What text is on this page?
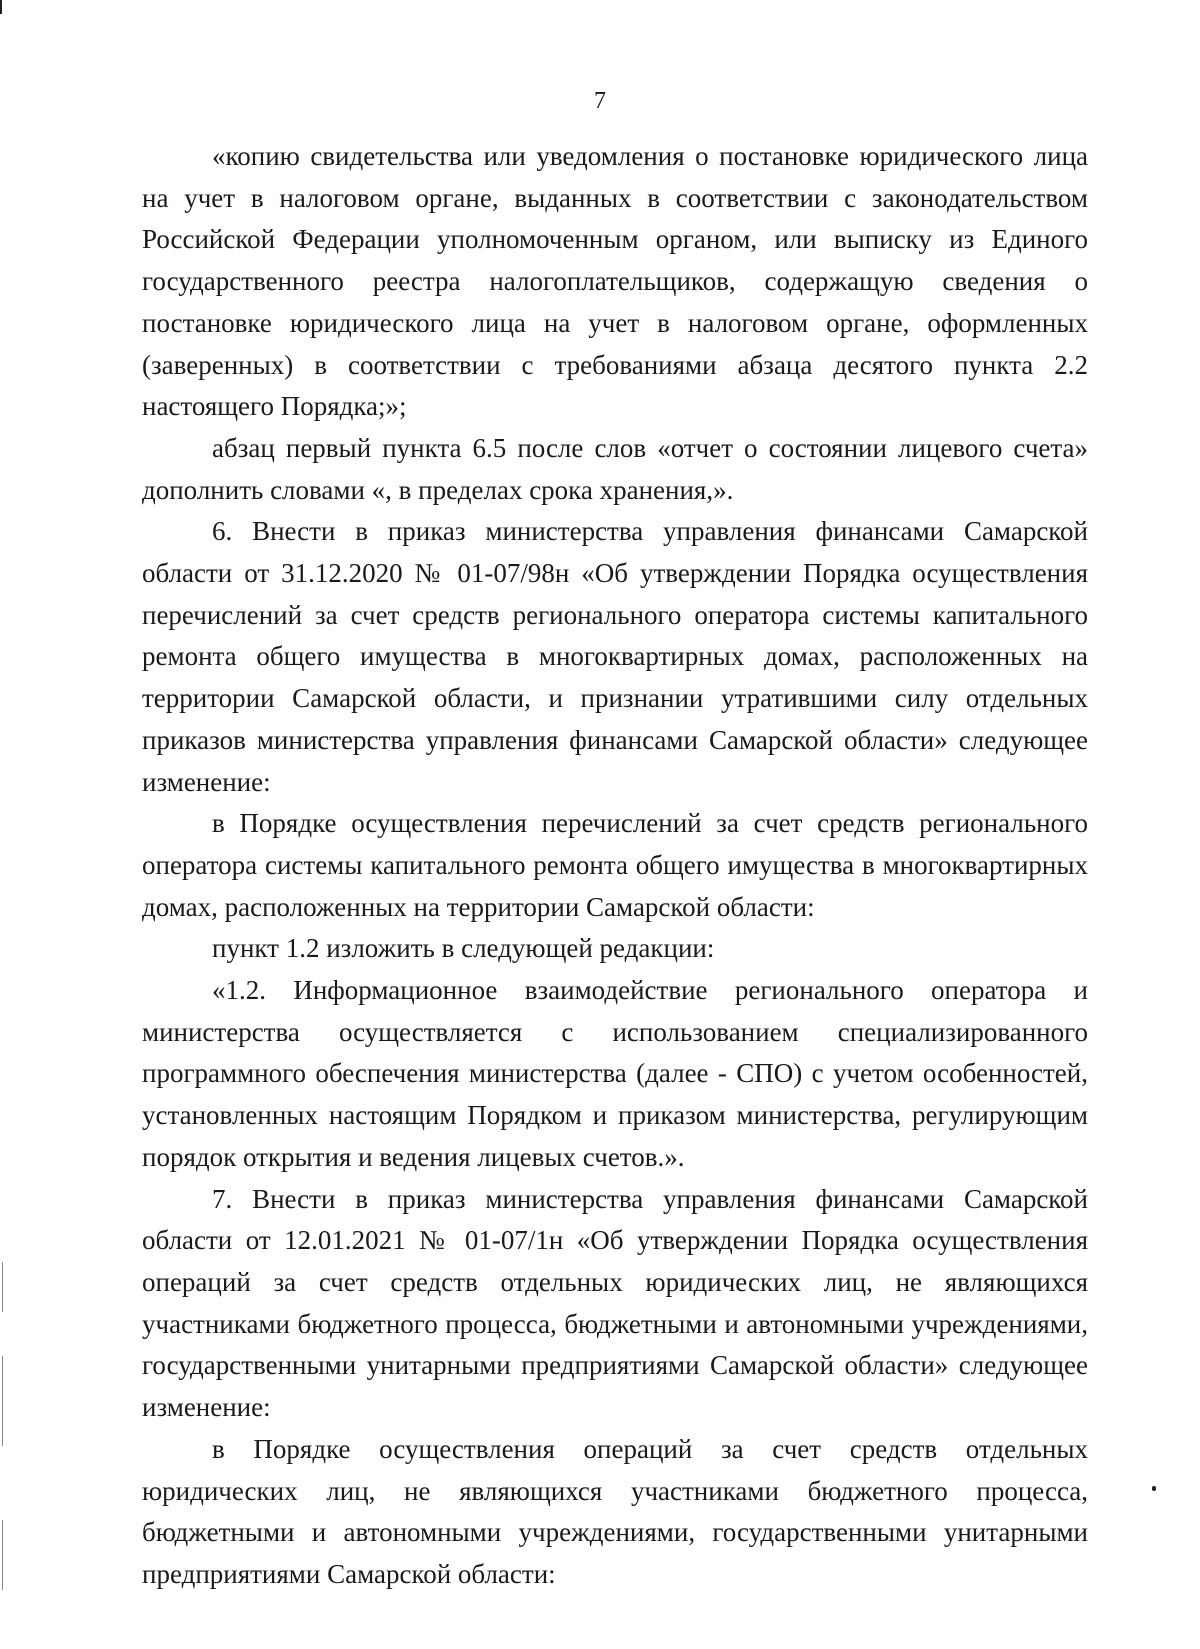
7

«копию свидетельства или уведомления о постановке юридического лица на учет в налоговом органе, выданных в соответствии с законодательством Российской Федерации уполномоченным органом, или выписку из Единого государственного реестра налогоплательщиков, содержащую сведения о постановке юридического лица на учет в налоговом органе, оформленных (заверенных) в соответствии с требованиями абзаца десятого пункта 2.2 настоящего Порядка;»;

абзац первый пункта 6.5 после слов «отчет о состоянии лицевого счета» дополнить словами «, в пределах срока хранения,».

6. Внести в приказ министерства управления финансами Самарской области от 31.12.2020 № 01-07/98н «Об утверждении Порядка осуществления перечислений за счет средств регионального оператора системы капитального ремонта общего имущества в многоквартирных домах, расположенных на территории Самарской области, и признании утратившими силу отдельных приказов министерства управления финансами Самарской области» следующее изменение:

в Порядке осуществления перечислений за счет средств регионального оператора системы капитального ремонта общего имущества в многоквартирных домах, расположенных на территории Самарской области:

пункт 1.2 изложить в следующей редакции:

«1.2. Информационное взаимодействие регионального оператора и министерства осуществляется с использованием специализированного программного обеспечения министерства (далее - СПО) с учетом особенностей, установленных настоящим Порядком и приказом министерства, регулирующим порядок открытия и ведения лицевых счетов.».

7. Внести в приказ министерства управления финансами Самарской области от 12.01.2021 № 01-07/1н «Об утверждении Порядка осуществления операций за счет средств отдельных юридических лиц, не являющихся участниками бюджетного процесса, бюджетными и автономными учреждениями, государственными унитарными предприятиями Самарской области» следующее изменение:

в Порядке осуществления операций за счет средств отдельных юридических лиц, не являющихся участниками бюджетного процесса, бюджетными и автономными учреждениями, государственными унитарными предприятиями Самарской области:
